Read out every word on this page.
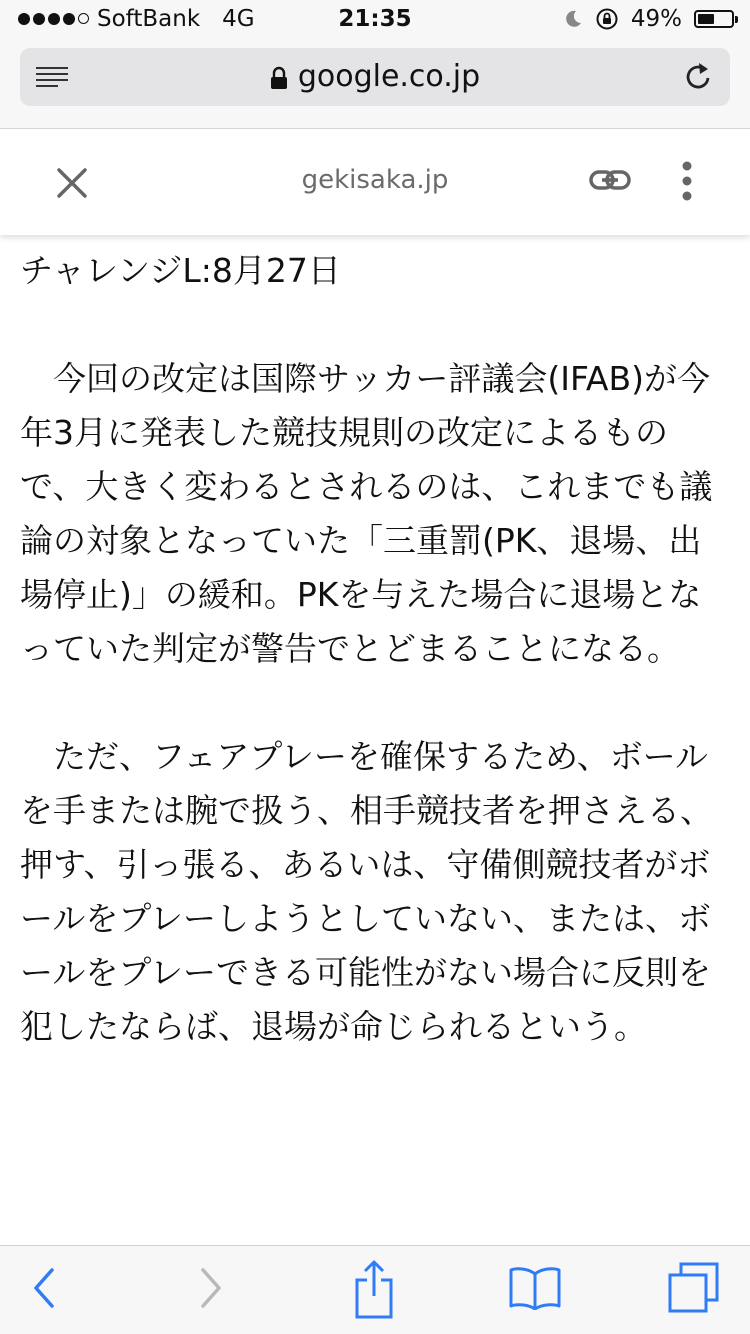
SoftBank 4G	21:35	49%
google.co.jp
gekisaka.jp

チャレンジL:8月27日

今回の改定は国際サッカー評議会(IFAB)が今年3月に発表した競技規則の改定によるもので、大きく変わるとされるのは、これまでも議論の対象となっていた「三重罰(PK、退場、出場停止)」の緩和。PKを与えた場合に退場となっていた判定が警告でとどまることになる。

ただ、フェアプレーを確保するため、ボールを手または腕で扱う、相手競技者を押さえる、押す、引っ張る、あるいは、守備側競技者がボールをプレーしようとしていない、または、ボールをプレーできる可能性がない場合に反則を犯したならば、退場が命じられるという。
